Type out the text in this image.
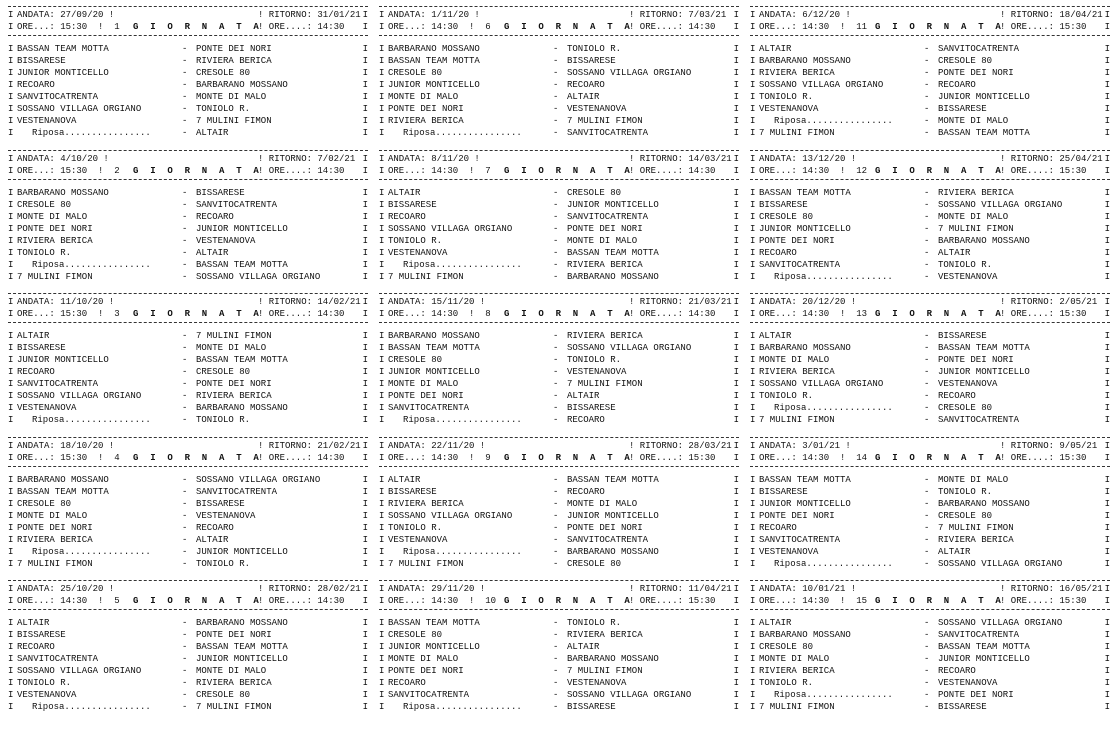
I ANDATA: 27/09/20 !	! RITORNO: 31/01/21 I
I ORE...: 15:30  !  1 G I O R N A T A
! ORE....: 14:30 I
I BASSAN TEAM MOTTA	- PONTE DEI NORI	I
I BISSARESE	- RIVIERA BERICA	I
I JUNIOR MONTICELLO	- CRESOLE 80	I
I RECOARO	- BARBARANO MOSSANO	I
I SANVITOCATRENTA	- MONTE DI MALO	I
I SOSSANO VILLAGA ORGIANO	- TONIOLO R.	I
I VESTENANOVA	- 7 MULINI FIMON	I
I Riposa................	- ALTAIR	I
I ANDATA: 4/10/20 !	! RITORNO: 7/02/21 I
I ORE...: 15:30  !  2 G I O R N A T A
! ORE....: 14:30 I
I BARBARANO MOSSANO	- BISSARESE	I
I CRESOLE 80	- SANVITOCATRENTA	I
I MONTE DI MALO	- RECOARO	I
I PONTE DEI NORI	- JUNIOR MONTICELLO	I
I RIVIERA BERICA	- VESTENANOVA	I
I TONIOLO R.	- ALTAIR	I
I Riposa................	- BASSAN TEAM MOTTA	I
I 7 MULINI FIMON	- SOSSANO VILLAGA ORGIANO	I
I ANDATA: 11/10/20 !	! RITORNO: 14/02/21 I
I ORE...: 15:30  !  3 G I O R N A T A
! ORE....: 14:30 I
I ALTAIR	- 7 MULINI FIMON	I
I BISSARESE	- MONTE DI MALO	I
I JUNIOR MONTICELLO	- BASSAN TEAM MOTTA	I
I RECOARO	- CRESOLE 80	I
I SANVITOCATRENTA	- PONTE DEI NORI	I
I SOSSANO VILLAGA ORGIANO	- RIVIERA BERICA	I
I VESTENANOVA	- BARBARANO MOSSANO	I
I Riposa................	- TONIOLO R.	I
I ANDATA: 18/10/20 !	! RITORNO: 21/02/21 I
I ORE...: 15:30  !  4 G I O R N A T A
! ORE....: 14:30 I
I BARBARANO MOSSANO	- SOSSANO VILLAGA ORGIANO	I
I BASSAN TEAM MOTTA	- SANVITOCATRENTA	I
I CRESOLE 80	- BISSARESE	I
I MONTE DI MALO	- VESTENANOVA	I
I PONTE DEI NORI	- RECOARO	I
I RIVIERA BERICA	- ALTAIR	I
I Riposa................	- JUNIOR MONTICELLO	I
I 7 MULINI FIMON	- TONIOLO R.	I
I ANDATA: 25/10/20 !	! RITORNO: 28/02/21 I
I ORE...: 14:30  !  5 G I O R N A T A
! ORE....: 14:30 I
I ALTAIR	- BARBARANO MOSSANO	I
I BISSARESE	- PONTE DEI NORI	I
I RECOARO	- BASSAN TEAM MOTTA	I
I SANVITOCATRENTA	- JUNIOR MONTICELLO	I
I SOSSANO VILLAGA ORGIANO	- MONTE DI MALO	I
I TONIOLO R.	- RIVIERA BERICA	I
I VESTENANOVA	- CRESOLE 80	I
I Riposa................	- 7 MULINI FIMON	I
I ANDATA: 1/11/20 !	! RITORNO: 7/03/21 I
I ORE...: 14:30  !  6 G I O R N A T A
! ORE....: 14:30 I
I BARBARANO MOSSANO	- TONIOLO R.	I
I BASSAN TEAM MOTTA	- BISSARESE	I
I CRESOLE 80	- SOSSANO VILLAGA ORGIANO	I
I JUNIOR MONTICELLO	- RECOARO	I
I MONTE DI MALO	- ALTAIR	I
I PONTE DEI NORI	- VESTENANOVA	I
I RIVIERA BERICA	- 7 MULINI FIMON	I
I Riposa................	- SANVITOCATRENTA	I
I ANDATA: 8/11/20 !	! RITORNO: 14/03/21 I
I ORE...: 14:30  !  7 G I O R N A T A
! ORE....: 14:30 I
I ALTAIR	- CRESOLE 80	I
I BISSARESE	- JUNIOR MONTICELLO	I
I RECOARO	- SANVITOCATRENTA	I
I SOSSANO VILLAGA ORGIANO	- PONTE DEI NORI	I
I TONIOLO R.	- MONTE DI MALO	I
I VESTENANOVA	- BASSAN TEAM MOTTA	I
I Riposa................	- RIVIERA BERICA	I
I 7 MULINI FIMON	- BARBARANO MOSSANO	I
I ANDATA: 15/11/20 !	! RITORNO: 21/03/21 I
I ORE...: 14:30  !  8 G I O R N A T A
! ORE....: 14:30 I
I BARBARANO MOSSANO	- RIVIERA BERICA	I
I BASSAN TEAM MOTTA	- SOSSANO VILLAGA ORGIANO	I
I CRESOLE 80	- TONIOLO R.	I
I JUNIOR MONTICELLO	- VESTENANOVA	I
I MONTE DI MALO	- 7 MULINI FIMON	I
I PONTE DEI NORI	- ALTAIR	I
I SANVITOCATRENTA	- BISSARESE	I
I Riposa................	- RECOARO	I
I ANDATA: 22/11/20 !	! RITORNO: 28/03/21 I
I ORE...: 14:30  !  9 G I O R N A T A
! ORE....: 15:30 I
I ALTAIR	- BASSAN TEAM MOTTA	I
I BISSARESE	- RECOARO	I
I RIVIERA BERICA	- MONTE DI MALO	I
I SOSSANO VILLAGA ORGIANO	- JUNIOR MONTICELLO	I
I TONIOLO R.	- PONTE DEI NORI	I
I VESTENANOVA	- SANVITOCATRENTA	I
I Riposa................	- BARBARANO MOSSANO	I
I 7 MULINI FIMON	- CRESOLE 80	I
I ANDATA: 29/11/20 !	! RITORNO: 11/04/21 I
I ORE...: 14:30  !  10 G I O R N A T A
! ORE....: 15:30 I
I BASSAN TEAM MOTTA	- TONIOLO R.	I
I CRESOLE 80	- RIVIERA BERICA	I
I JUNIOR MONTICELLO	- ALTAIR	I
I MONTE DI MALO	- BARBARANO MOSSANO	I
I PONTE DEI NORI	- 7 MULINI FIMON	I
I RECOARO	- VESTENANOVA	I
I SANVITOCATRENTA	- SOSSANO VILLAGA ORGIANO	I
I Riposa................	- BISSARESE	I
I ANDATA: 6/12/20 !	! RITORNO: 18/04/21 I
I ORE...: 14:30  !  11 G I O R N A T A
! ORE....: 15:30 I
I ALTAIR	- SANVITOCATRENTA	I
I BARBARANO MOSSANO	- CRESOLE 80	I
I RIVIERA BERICA	- PONTE DEI NORI	I
I SOSSANO VILLAGA ORGIANO	- RECOARO	I
I TONIOLO R.	- JUNIOR MONTICELLO	I
I VESTENANOVA	- BISSARESE	I
I Riposa................	- MONTE DI MALO	I
I 7 MULINI FIMON	- BASSAN TEAM MOTTA	I
I ANDATA: 13/12/20 !	! RITORNO: 25/04/21 I
I ORE...: 14:30  !  12 G I O R N A T A
! ORE....: 15:30 I
I BASSAN TEAM MOTTA	- RIVIERA BERICA	I
I BISSARESE	- SOSSANO VILLAGA ORGIANO	I
I CRESOLE 80	- MONTE DI MALO	I
I JUNIOR MONTICELLO	- 7 MULINI FIMON	I
I PONTE DEI NORI	- BARBARANO MOSSANO	I
I RECOARO	- ALTAIR	I
I SANVITOCATRENTA	- TONIOLO R.	I
I Riposa................	- VESTENANOVA	I
I ANDATA: 20/12/20 !	! RITORNO: 2/05/21 I
I ORE...: 14:30  !  13 G I O R N A T A
! ORE....: 15:30 I
I ALTAIR	- BISSARESE	I
I BARBARANO MOSSANO	- BASSAN TEAM MOTTA	I
I MONTE DI MALO	- PONTE DEI NORI	I
I RIVIERA BERICA	- JUNIOR MONTICELLO	I
I SOSSANO VILLAGA ORGIANO	- VESTENANOVA	I
I TONIOLO R.	- RECOARO	I
I Riposa................	- CRESOLE 80	I
I 7 MULINI FIMON	- SANVITOCATRENTA	I
I ANDATA: 3/01/21 !	! RITORNO: 9/05/21 I
I ORE...: 14:30  !  14 G I O R N A T A
! ORE....: 15:30 I
I BASSAN TEAM MOTTA	- MONTE DI MALO	I
I BISSARESE	- TONIOLO R.	I
I JUNIOR MONTICELLO	- BARBARANO MOSSANO	I
I PONTE DEI NORI	- CRESOLE 80	I
I RECOARO	- 7 MULINI FIMON	I
I SANVITOCATRENTA	- RIVIERA BERICA	I
I VESTENANOVA	- ALTAIR	I
I Riposa................	- SOSSANO VILLAGA ORGIANO	I
I ANDATA: 10/01/21 !	! RITORNO: 16/05/21 I
I ORE...: 14:30  !  15 G I O R N A T A
! ORE....: 15:30 I
I ALTAIR	- SOSSANO VILLAGA ORGIANO	I
I BARBARANO MOSSANO	- SANVITOCATRENTA	I
I CRESOLE 80	- BASSAN TEAM MOTTA	I
I MONTE DI MALO	- JUNIOR MONTICELLO	I
I RIVIERA BERICA	- RECOARO	I
I TONIOLO R.	- VESTENANOVA	I
I Riposa................	- PONTE DEI NORI	I
I 7 MULINI FIMON	- BISSARESE	I
